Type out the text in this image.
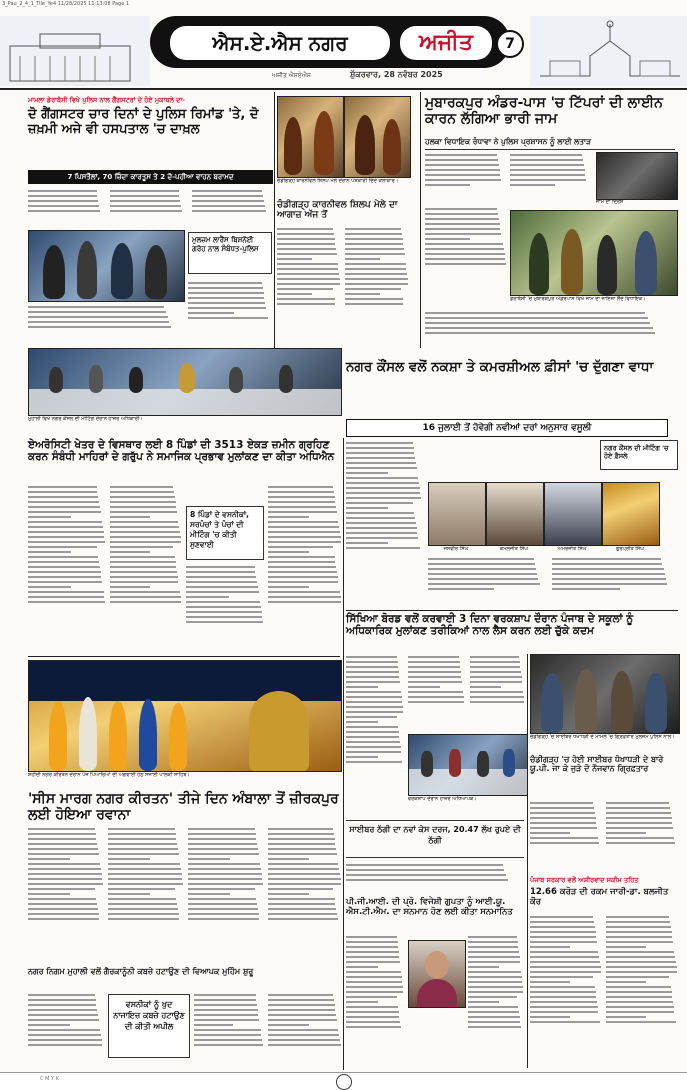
3_Pau_2_4_1_Tile_Ye4 11/28/2025 11:13:08 Page 1
ਐਸ.ਏ.ਐਸ ਨਗਰ	ਅਜੀਤ	7
ਅਜੀਤ ਐਸਏਐਸ	ਸ਼ੁੱਕਰਵਾਰ, 28 ਨਵੰਬਰ 2025
ਮਾਮਲਾ ਡੇਰਾਬੱਸੀ ਵਿਖੇ ਪੁਲਿਸ ਨਾਲ ਗੈਂਗਸਟਰਾਂ ਦੇ ਹੋਏ ਮੁਕਾਬਲੇ ਦਾ-
ਦੋ ਗੈਂਗਸਟਰ ਚਾਰ ਦਿਨਾਂ ਦੇ ਪੁਲਿਸ ਰਿਮਾਂਡ 'ਤੇ, ਦੋ ਜ਼ਖ਼ਮੀ ਅਜੇ ਵੀ ਹਸਪਤਾਲ 'ਚ ਦਾਖ਼ਲ
7 ਪਿਸਤੌਲਾਂ, 70 ਜ਼ਿੰਦਾ ਕਾਰਤੂਸ ਤੇ 2 ਦੋ-ਪਹੀਆ ਵਾਹਨ ਬਰਾਮਦ
ਮੁਲਜ਼ਮ ਲਾਰੈਂਸ ਬਿਸ਼ਨੋਈ ਗਰੋਹ ਨਾਲ ਸੰਬੰਧਤ-ਪੁਲਿਸ
ਚੰਡੀਗੜ੍ਹ ਕਾਰਨੀਵਲ ਸ਼ਿਲਪ ਮੇਲੇ ਦੌਰਾਨ ਪੇਸ਼ਕਾਰੀ ਦਿੰਦੇ ਕਲਾਕਾਰ।
ਚੰਡੀਗੜ੍ਹ ਕਾਰਨੀਵਲ ਸ਼ਿਲਪ ਮੇਲੇ ਦਾ ਆਗਾਜ਼ ਅੱਜ ਤੋਂ
ਮੁਬਾਰਕਪੁਰ ਅੰਡਰ-ਪਾਸ 'ਚ ਟਿੱਪਰਾਂ ਦੀ ਲਾਈਨ ਕਾਰਨ ਲੱਗਿਆ ਭਾਰੀ ਜਾਮ
ਹਲਕਾ ਵਿਧਾਇਕ ਰੰਧਾਵਾ ਨੇ ਪੁਲਿਸ ਪ੍ਰਸ਼ਾਸਨ ਨੂੰ ਲਾਈ ਲਤਾੜ
ਜਾਮ ਦਾ ਦ੍ਰਿਸ਼
ਡੇਰਾਬੱਸੀ 'ਚ ਮੁਬਾਰਕਪੁਰ ਅੰਡਰਪਾਸ ਵਿਖੇ ਜਾਮ ਦਾ ਜਾਇਜ਼ਾ ਲੈਂਦੇ ਵਿਧਾਇਕ।
ਮੁਹਾਲੀ ਵਿਖੇ ਨਗਰ ਕੌਂਸਲ ਦੀ ਮੀਟਿੰਗ ਦੌਰਾਨ ਹਾਜ਼ਰ ਅਧਿਕਾਰੀ।
ਨਗਰ ਕੌਂਸਲ ਵਲੋਂ ਨਕਸ਼ਾ ਤੇ ਕਮਰਸ਼ੀਅਲ ਫ਼ੀਸਾਂ 'ਚ ਦੁੱਗਣਾ ਵਾਧਾ
16 ਜੁਲਾਈ ਤੋਂ ਹੋਵੇਗੀ ਨਵੀਆਂ ਦਰਾਂ ਅਨੁਸਾਰ ਵਸੂਲੀ
ਏਅਰੋਸਿਟੀ ਖੇਤਰ ਦੇ ਵਿਸਥਾਰ ਲਈ 8 ਪਿੰਡਾਂ ਦੀ 3513 ਏਕੜ ਜ਼ਮੀਨ ਗ੍ਰਹਿਣ ਕਰਨ ਸੰਬੰਧੀ ਮਾਹਿਰਾਂ ਦੇ ਗਰੁੱਪ ਨੇ ਸਮਾਜਿਕ ਪ੍ਰਭਾਵ ਮੁਲਾਂਕਣ ਦਾ ਕੀਤਾ ਅਧਿਐਨ
8 ਪਿੰਡਾਂ ਦੇ ਵਸਨੀਕਾਂ, ਸਰਪੰਚਾਂ ਤੇ ਪੰਚਾਂ ਦੀ ਮੀਟਿੰਗ 'ਚ ਕੀਤੀ ਸੁਣਵਾਈ	ਜਸਵੀਰ ਸਿੰਘ	ਕਮਲਜੀਤ ਸਿੰਘ	ਅਮਰਜੀਤ ਸਿੰਘ	ਗੁਰਪ੍ਰੀਤ ਸਿੰਘ
ਨਗਰ ਕੌਂਸਲ ਦੀ ਮੀਟਿੰਗ 'ਚ ਹੋਏ ਫ਼ੈਸਲੇ
ਸ਼ਹੀਦੀ ਨਗਰ ਕੀਰਤਨ ਦੌਰਾਨ ਪੰਜ ਪਿਆਰਿਆਂ ਦੀ ਅਗਵਾਈ ਹੇਠ ਸਜਾਈ ਪਾਲਕੀ ਸਾਹਿਬ।
'ਸੀਸ ਮਾਰਗ ਨਗਰ ਕੀਰਤਨ' ਤੀਜੇ ਦਿਨ ਅੰਬਾਲਾ ਤੋਂ ਜ਼ੀਰਕਪੁਰ ਲਈ ਹੋਇਆ ਰਵਾਨਾ
ਨਗਰ ਨਿਗਮ ਮੁਹਾਲੀ ਵਲੋਂ ਗੈਰਕਾਨੂੰਨੀ ਕਬਜ਼ੇ ਹਟਾਉਣ ਦੀ ਵਿਆਪਕ ਮੁਹਿੰਮ ਸ਼ੁਰੂ
ਵਸਨੀਕਾਂ ਨੂੰ ਖੁਦ ਨਾਜਾਇਜ਼ ਕਬਜ਼ੇ ਹਟਾਉਣ ਦੀ ਕੀਤੀ ਅਪੀਲ
ਸਿੱਖਿਆ ਬੋਰਡ ਵਲੋਂ ਕਰਵਾਈ 3 ਦਿਨਾ ਵਰਕਸ਼ਾਪ ਦੌਰਾਨ ਪੰਜਾਬ ਦੇ ਸਕੂਲਾਂ ਨੂੰ ਅਧਿਕਾਰਿਕ ਮੁਲਾਂਕਣ ਤਰੀਕਿਆਂ ਨਾਲ ਲੈਸ ਕਰਨ ਲਈ ਚੁੱਕੇ ਕਦਮ
ਵਰਕਸ਼ਾਪ ਦੌਰਾਨ ਹਾਜ਼ਰ ਅਧਿਆਪਕ।
ਚੰਡੀਗੜ੍ਹ 'ਚ ਸਾਈਬਰ ਧੋਖਾਧੜੀ ਦੇ ਮਾਮਲੇ 'ਚ ਗ੍ਰਿਫ਼ਤਾਰ ਮੁਲਜ਼ਮ ਪੁਲਿਸ ਨਾਲ।
ਚੰਡੀਗੜ੍ਹ 'ਚ ਹੋਈ ਸਾਈਬਰ ਧੋਖਾਧੜੀ ਦੇ ਬਾਰੇ ਯੂ.ਪੀ. ਜਾ ਕੇ ਜੁੜੇ ਦੋ ਨੌਜਵਾਨ ਗ੍ਰਿਫ਼ਤਾਰ
ਸਾਈਬਰ ਠੱਗੀ ਦਾ ਨਵਾਂ ਕੇਸ ਦਰਜ, 20.47 ਲੱਖ ਰੁਪਏ ਦੀ ਠੱਗੀ
ਪੀ.ਜੀ.ਆਈ. ਦੀ ਪ੍ਰੋ. ਵਿਜੇਸ਼ੀ ਗੁਪਤਾ ਨੂੰ ਆਈ.ਯੂ. ਐਸ.ਟੀ.ਐਮ. ਦਾ ਸਨਮਾਨ ਹੋਣ ਲਈ ਕੀਤਾ ਸਨਮਾਨਿਤ
ਪੰਜਾਬ ਸਰਕਾਰ ਵਲੋਂ ਅਸ਼ੀਰਵਾਦ ਸਕੀਮ ਤਹਿਤ
12.66 ਕਰੋੜ ਦੀ ਰਕਮ ਜਾਰੀ-ਡਾ. ਬਲਜੀਤ ਕੌਰ
C M Y K
